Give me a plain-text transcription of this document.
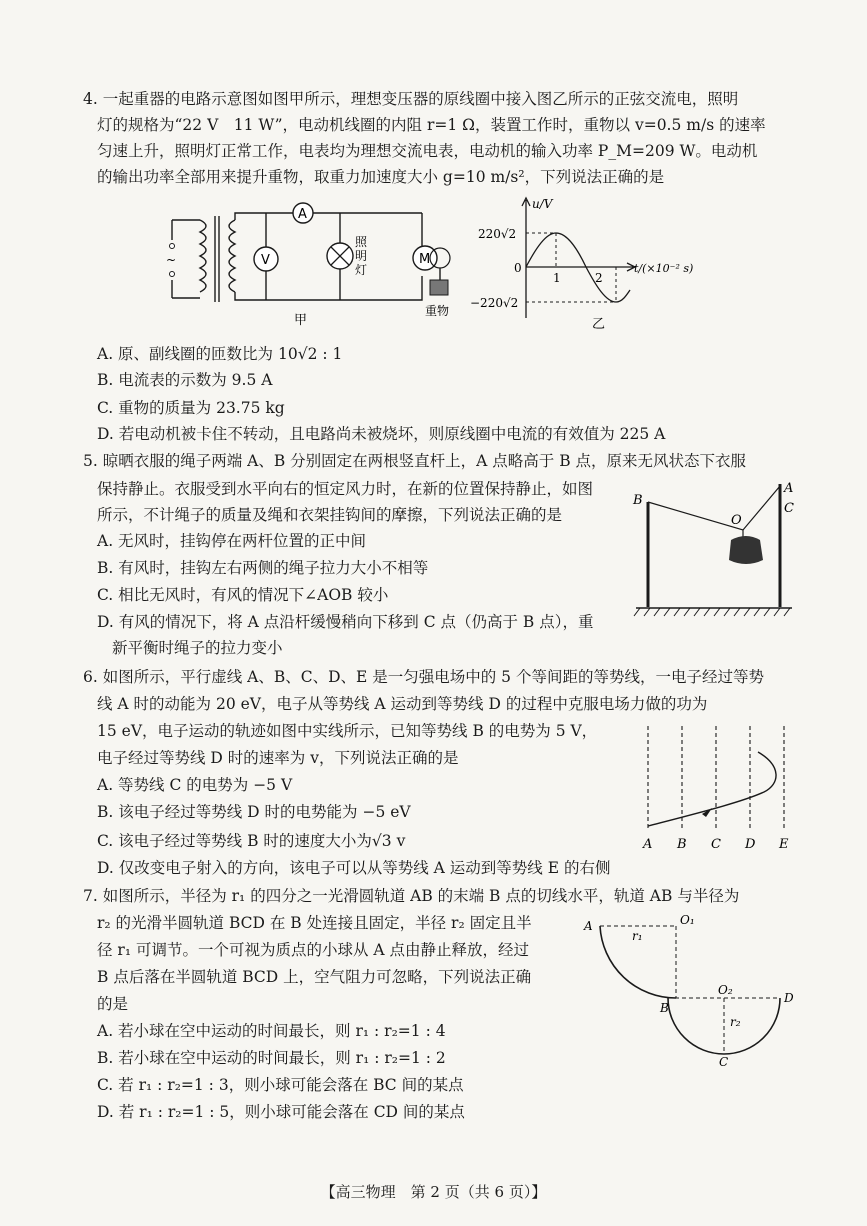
4. 一起重器的电路示意图如图甲所示，理想变压器的原线圈中接入图乙所示的正弦交流电，照明
灯的规格为“22 V　11 W”，电动机线圈的内阻 r=1 Ω，装置工作时，重物以 v=0.5 m/s 的速率
匀速上升，照明灯正常工作，电表均为理想交流电表，电动机的输入功率 P_M=209 W。电动机
的输出功率全部用来提升重物，取重力加速度大小 g=10 m/s²，下列说法正确的是
~
A
V
照
明
灯
M
重物
甲
u/V
220√2
0
−220√2
1	2
t/(×10⁻² s)
乙
A. 原、副线圈的匝数比为 10√2 : 1
B. 电流表的示数为 9.5 A
C. 重物的质量为 23.75 kg
D. 若电动机被卡住不转动，且电路尚未被烧坏，则原线圈中电流的有效值为 225 A
5. 晾晒衣服的绳子两端 A、B 分别固定在两根竖直杆上，A 点略高于 B 点，原来无风状态下衣服
保持静止。衣服受到水平向右的恒定风力时，在新的位置保持静止，如图
所示，不计绳子的质量及绳和衣架挂钩间的摩擦，下列说法正确的是
A. 无风时，挂钩停在两杆位置的正中间
B. 有风时，挂钩左右两侧的绳子拉力大小不相等
C. 相比无风时，有风的情况下∠AOB 较小
D. 有风的情况下，将 A 点沿杆缓慢稍向下移到 C 点（仍高于 B 点），重
新平衡时绳子的拉力变小
B
A
C
O
6. 如图所示，平行虚线 A、B、C、D、E 是一匀强电场中的 5 个等间距的等势线，一电子经过等势
线 A 时的动能为 20 eV，电子从等势线 A 运动到等势线 D 的过程中克服电场力做的功为
15 eV，电子运动的轨迹如图中实线所示，已知等势线 B 的电势为 5 V，
电子经过等势线 D 时的速率为 v，下列说法正确的是
A. 等势线 C 的电势为 −5 V
B. 该电子经过等势线 D 时的电势能为 −5 eV
C. 该电子经过等势线 B 时的速度大小为√3 v
D. 仅改变电子射入的方向，该电子可以从等势线 A 运动到等势线 E 的右侧
A B C D E
7. 如图所示，半径为 r₁ 的四分之一光滑圆轨道 AB 的末端 B 点的切线水平，轨道 AB 与半径为
r₂ 的光滑半圆轨道 BCD 在 B 处连接且固定，半径 r₂ 固定且半
径 r₁ 可调节。一个可视为质点的小球从 A 点由静止释放，经过
B 点后落在半圆轨道 BCD 上，空气阻力可忽略，下列说法正确
的是
A. 若小球在空中运动的时间最长，则 r₁ : r₂=1 : 4
B. 若小球在空中运动的时间最长，则 r₁ : r₂=1 : 2
C. 若 r₁ : r₂=1 : 3，则小球可能会落在 BC 间的某点
D. 若 r₁ : r₂=1 : 5，则小球可能会落在 CD 间的某点
A	O₁
r₁
B
O₂
D
r₂
C
【高三物理　第 2 页（共 6 页）】
